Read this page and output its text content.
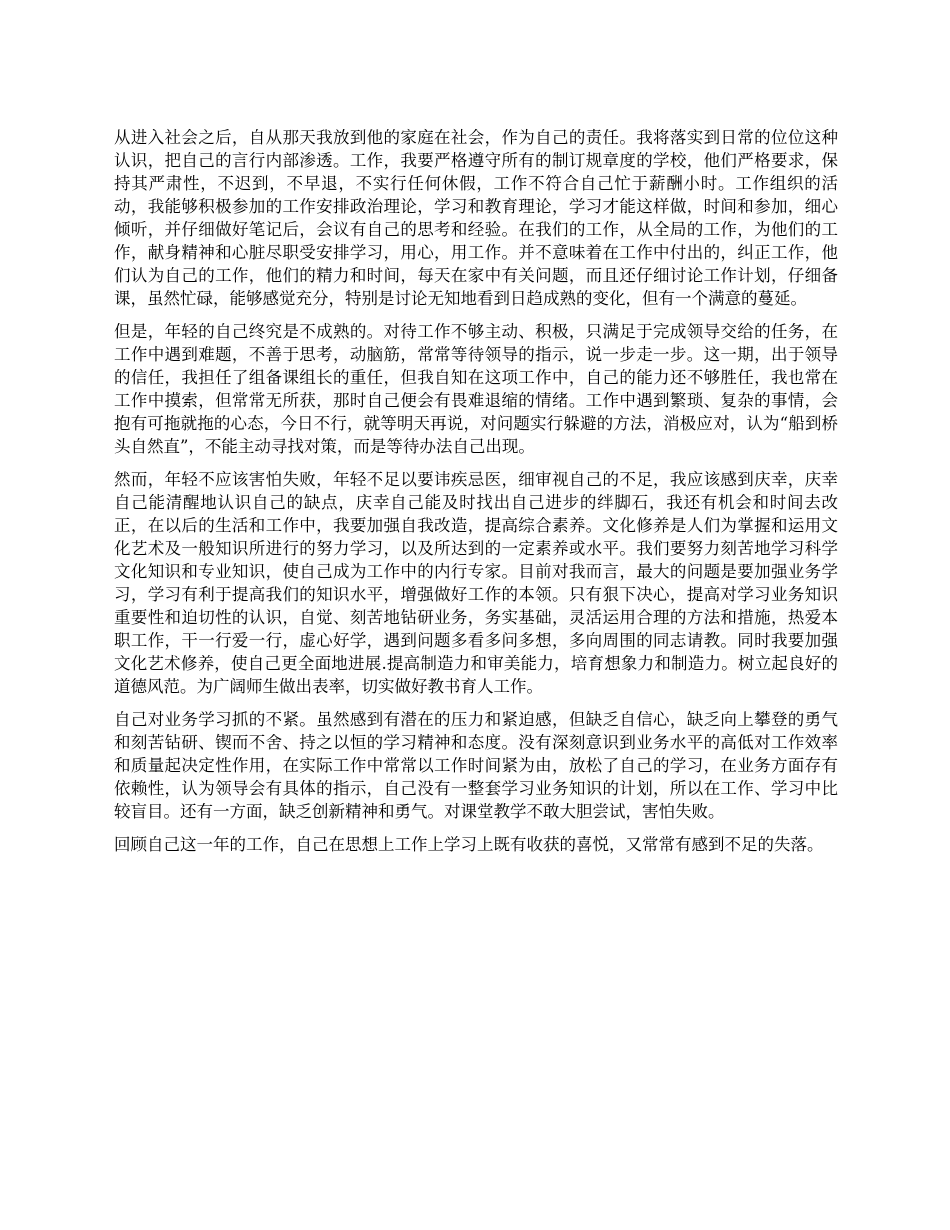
从进入社会之后，自从那天我放到他的家庭在社会，作为自己的责任。我将落实到日常的位位这种认识，把自己的言行内部渗透。工作，我要严格遵守所有的制订规章度的学校，他们严格要求，保持其严肃性，不迟到，不早退，不实行任何休假，工作不符合自己忙于薪酬小时。工作组织的活动，我能够积极参加的工作安排政治理论，学习和教育理论，学习才能这样做，时间和参加，细心倾听，并仔细做好笔记后，会议有自己的思考和经验。在我们的工作，从全局的工作，为他们的工作，献身精神和心脏尽职受安排学习，用心，用工作。并不意味着在工作中付出的，纠正工作，他们认为自己的工作，他们的精力和时间，每天在家中有关问题，而且还仔细讨论工作计划，仔细备课，虽然忙碌，能够感觉充分，特别是讨论无知地看到日趋成熟的变化，但有一个满意的蔓延。

但是，年轻的自己终究是不成熟的。对待工作不够主动、积极，只满足于完成领导交给的任务，在工作中遇到难题，不善于思考，动脑筋，常常等待领导的指示，说一步走一步。这一期，出于领导的信任，我担任了组备课组长的重任，但我自知在这项工作中，自己的能力还不够胜任，我也常在工作中摸索，但常常无所获，那时自己便会有畏难退缩的情绪。工作中遇到繁琐、复杂的事情，会抱有可拖就拖的心态，今日不行，就等明天再说，对问题实行躲避的方法，消极应对，认为“船到桥头自然直”，不能主动寻找对策，而是等待办法自己出现。

然而，年轻不应该害怕失败，年轻不足以要讳疾忌医，细审视自己的不足，我应该感到庆幸，庆幸自己能清醒地认识自己的缺点，庆幸自己能及时找出自己进步的绊脚石，我还有机会和时间去改正，在以后的生活和工作中，我要加强自我改造，提高综合素养。文化修养是人们为掌握和运用文化艺术及一般知识所进行的努力学习，以及所达到的一定素养或水平。我们要努力刻苦地学习科学文化知识和专业知识，使自己成为工作中的内行专家。目前对我而言，最大的问题是要加强业务学习，学习有利于提高我们的知识水平，增强做好工作的本领。只有狠下决心，提高对学习业务知识重要性和迫切性的认识，自觉、刻苦地钻研业务，务实基础，灵活运用合理的方法和措施，热爱本职工作，干一行爱一行，虚心好学，遇到问题多看多问多想，多向周围的同志请教。同时我要加强文化艺术修养，使自己更全面地进展.提高制造力和审美能力，培育想象力和制造力。树立起良好的道德风范。为广阔师生做出表率，切实做好教书育人工作。

自己对业务学习抓的不紧。虽然感到有潜在的压力和紧迫感，但缺乏自信心，缺乏向上攀登的勇气和刻苦钻研、锲而不舍、持之以恒的学习精神和态度。没有深刻意识到业务水平的高低对工作效率和质量起决定性作用，在实际工作中常常以工作时间紧为由，放松了自己的学习，在业务方面存有依赖性，认为领导会有具体的指示，自己没有一整套学习业务知识的计划，所以在工作、学习中比较盲目。还有一方面，缺乏创新精神和勇气。对课堂教学不敢大胆尝试，害怕失败。

回顾自己这一年的工作，自己在思想上工作上学习上既有收获的喜悦，又常常有感到不足的失落。
